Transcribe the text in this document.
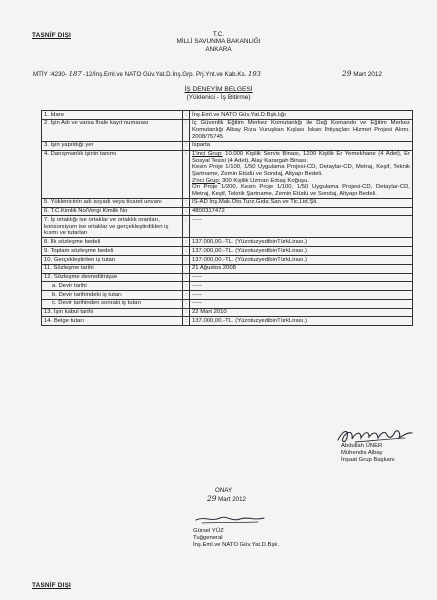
TASNİF DIŞI	T.C.
MİLLİ SAVUNMA BAKANLIĞI
ANKARA
MTİY :4230- 187 -12/İnş.Eml.ve NATO Güv.Yat.D.İnş.Grp. Prj.Ynt.ve Kab.Ks. 193	29 Mart 2012
İŞ DENEYİM BELGESİ
(Yüklenici - İş Bitirme)
1. İdare	:	İnş.Eml.ve NATO Güv.Yat.D.Bşk.lığı
2. İşin Adı ve varsa İhale kayıt numarası	:	İç Güvenlik Eğitim Merkez Komutanlığı ile Dağ Komando ve Eğitim Merkez Komutanlığı Albay Rıza Vuruşkan Kışlası İskan İhtiyaçları Hizmet Projesi Alımı. 2008/75745
3. İşin yapıldığı yer	:	Isparta
4. Danışmanlık işinin tanımı	:	1'inci Grup: 10.000 Kişilik Servis Binası, 1200 Kişilik Er Yemekhane (4 Adet), Er Sosyal Tesisi (4 Adet), Alay Karargah Binası.
Kesin Proje 1/100, 1/50 Uygulama Projesi-CD, Detaylar-CD, Metraj, Keşif, Teknik Şartname, Zemin Etüdü ve Sondaj, Altyapı Bedeli.
2'nci Grup: 300 Kişilik Uzman Erbaş Koğuşu.
Ön Proje 1/200, Kesin Proje 1/100, 1/50 Uygulama Projesi-CD, Detaylar-CD, Metraj, Keşif, Teknik Şartname, Zemin Etüdü ve Sondaj, Altyapı Bedeli.
5. Yüklenicinin adı soyadı veya ticaret unvanı	:	İS-AD İnş.Mak.Oto.Turz.Gıda San.ve Tic.Ltd.Şti.
6. T.C.Kimlik No/Vergi Kimlik No	:	4800317472
7. İş ortaklığı ise ortaklar ve ortaklık oranları, konsorsiyum ise ortaklar ve gerçekleştirdikleri iş kısmı ve tutarları	:	-----
8. İlk sözleşme bedeli	:	137.000,00.-TL. (YüzotuzyedibinTürkLirası.)
9. Toplam sözleşme bedeli	:	137.000,00.-TL. (YüzotuzyedibinTürkLirası.)
10. Gerçekleştirilen iş tutarı	:	137.000,00.-TL. (YüzotuzyedibinTürkLirası.)
11. Sözleşme tarihi	:	21 Ağustos 2008
12. Sözleşme devredilmişse	:	-----
a. Devir tarihi	:	-----
b. Devir tarihindeki iş tutarı	:	-----
c. Devir tarihinden sonraki iş tutarı	:	-----
13. İşin kabul tarihi	:	22 Mart 2010
14. Belge tutarı	:	137.000,00.-TL. (YüzotuzyedibinTürkLirası.)
Abdullah ÜNER
Mühendis Albay
İnşaat Grup Başkanı
ONAY
29 Mart 2012
Gürsel YÜZ
Tuğgeneral
İnş.Eml.ve NATO Güv.Yat.D.Bşk.
TASNİF DIŞI
